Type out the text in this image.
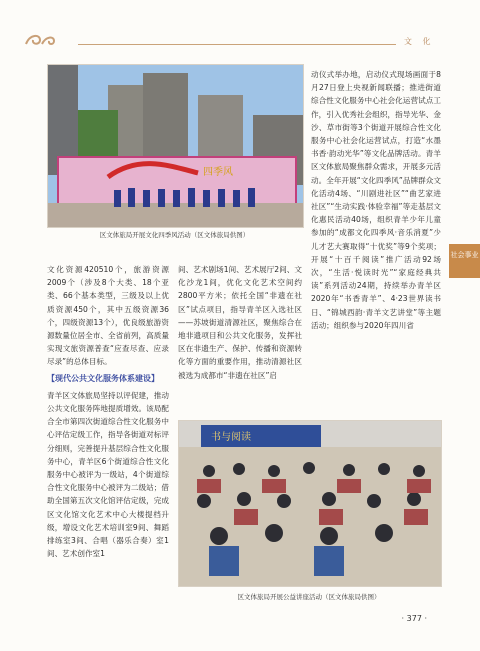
文 化
社会事业
四季风
区文体旅局开展文化四季风活动（区文体旅局供图）

动仪式举办地，启动仪式现场画面于8月27日登上央视新闻联播；推进街道综合性文化服务中心社会化运营试点工作，引入优秀社会组织，指导光华、金沙、草市街等3个街道开展综合性文化服务中心社会化运营试点，打造“水墨书香·韵动光华”等文化品牌活动。青羊区文体旅局聚焦群众需求，开展多元活动。全年开展“文化四季风”品牌群众文化活动4场、“川剧进社区”“曲艺家进社区”“生动实践·体验幸福”等走基层文化惠民活动40场，组织青羊少年儿童参加的“成都文化四季风·音乐消夏”少儿才艺大赛取得“十优奖”等9个奖项；开展“十百千阅读”推广活动92场次，“生活·悦读时光”“家庭经典共读”系列活动24期，持续举办青羊区2020年“书香青羊”、4·23世界读书日、“锦城西韵·青羊文艺讲堂”等主题活动；组织参与2020年四川省

文化资源420510个，旅游资源2009个（涉及8个大类、18个亚类、66个基本类型，三级及以上优质资源450个，其中五级资源36个，四级资源13个），优良级旅游资源数量位居全市、全省前列，高质量实现文旅资源普查“应查尽查、应录尽录”的总体目标。

【现代公共文化服务体系建设】

青羊区文体旅局坚持以评促建，推动公共文化服务阵地提质增效。该局配合全市第四次街道综合性文化服务中心评估定级工作，指导各街道对标评分细则，完善提升基层综合性文化服务中心，青羊区6个街道综合性文化服务中心被评为一级站，4个街道综合性文化服务中心被评为二级站；借助全国第五次文化馆评估定级，完成区文化馆文化艺术中心大楼提档升级，增设文化艺术培训室9间、舞蹈排练室3间、合唱（器乐合奏）室1间、艺术创作室1

间、艺术剧场1间、艺术展厅2间、文化沙龙1间，优化文化艺术空间约2800平方米；依托全国“非遗在社区”试点项目，指导青羊区入选社区——苏坡街道清源社区，聚焦综合在地非遗项目和公共文化服务，发挥社区在非遗生产、保护、传播和资源转化等方面的重要作用，推动清源社区被选为成都市“非遗在社区”启

书与阅读
区文体旅局开展公益讲座活动（区文体旅局供图）
· 377 ·
